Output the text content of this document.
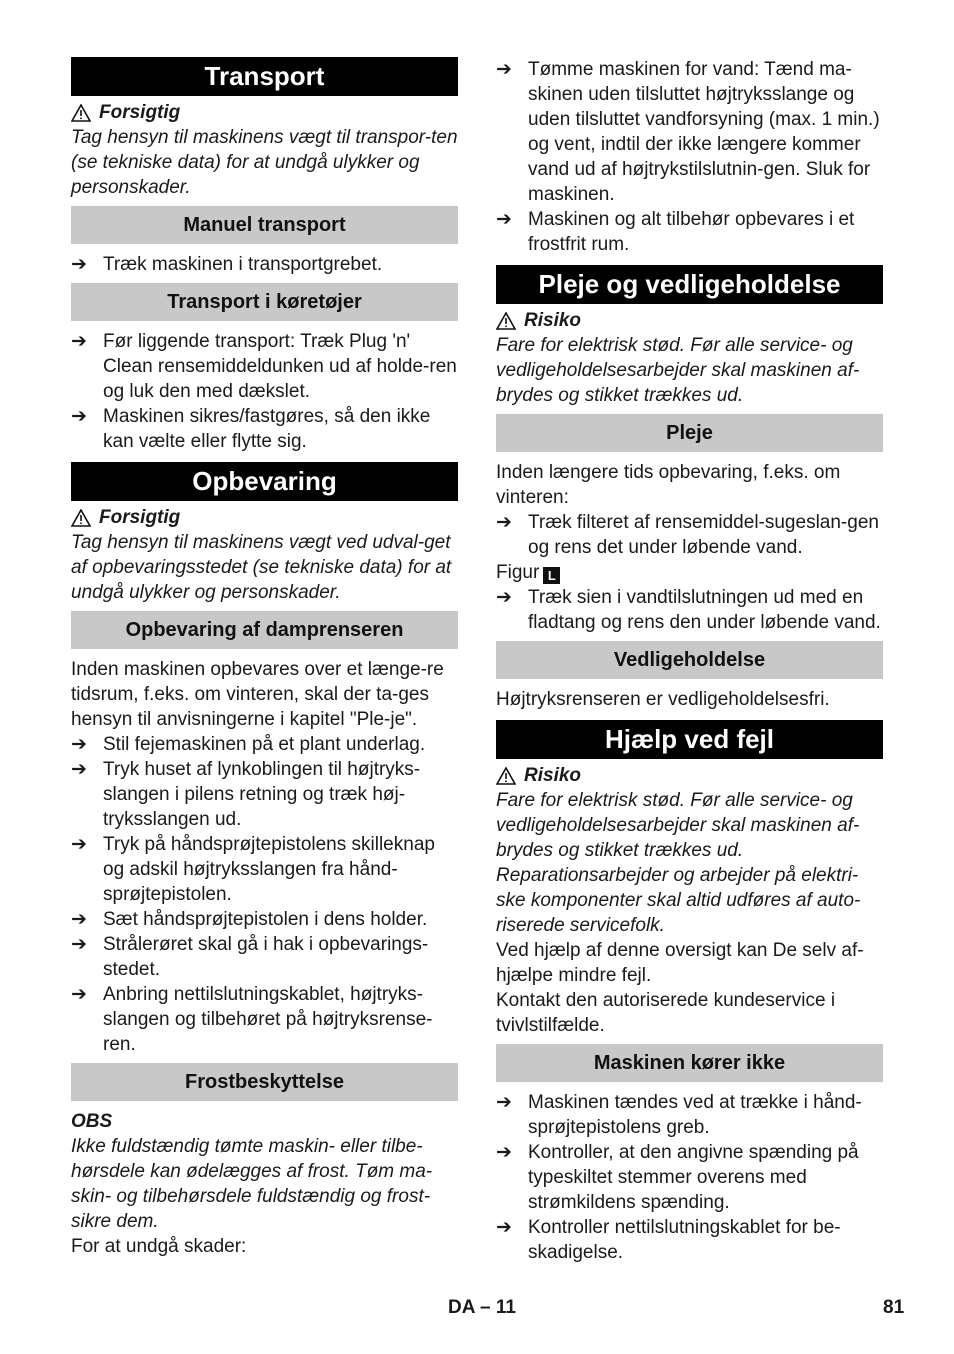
Transport
Forsigtig

Tag hensyn til maskinens vægt til transpor-ten (se tekniske data) for at undgå ulykker og personskader.

Manuel transport
➔ Træk maskinen i transportgrebet.
Transport i køretøjer
➔ Før liggende transport: Træk Plug 'n' Clean rensemiddeldunken ud af holde-ren og luk den med dækslet.
➔ Maskinen sikres/fastgøres, så den ikke kan vælte eller flytte sig.
Opbevaring
Forsigtig

Tag hensyn til maskinens vægt ved udval-get af opbevaringsstedet (se tekniske data) for at undgå ulykker og personskader.

Opbevaring af damprenseren

Inden maskinen opbevares over et længe-re tidsrum, f.eks. om vinteren, skal der ta-ges hensyn til anvisningerne i kapitel "Ple-je".

➔ Stil fejemaskinen på et plant underlag.
➔ Tryk huset af lynkoblingen til højtryks-slangen i pilens retning og træk høj-tryksslangen ud.
➔ Tryk på håndsprøjtepistolens skilleknap og adskil højtryksslangen fra hånd-sprøjtepistolen.
➔ Sæt håndsprøjtepistolen i dens holder.
➔ Strålerøret skal gå i hak i opbevarings-stedet.
➔ Anbring nettilslutningskablet, højtryks-slangen og tilbehøret på højtryksrense-ren.
Frostbeskyttelse

OBS

Ikke fuldstændig tømte maskin- eller tilbe-hørsdele kan ødelægges af frost. Tøm ma-skin- og tilbehørsdele fuldstændig og frost-sikre dem.

For at undgå skader:

➔ Tømme maskinen for vand: Tænd ma-skinen uden tilsluttet højtryksslange og uden tilsluttet vandforsyning (max. 1 min.) og vent, indtil der ikke længere kommer vand ud af højtrykstilslutnin-gen. Sluk for maskinen.
➔ Maskinen og alt tilbehør opbevares i et frostfrit rum.
Pleje og vedligeholdelse
Risiko

Fare for elektrisk stød. Før alle service- og vedligeholdelsesarbejder skal maskinen af-brydes og stikket trækkes ud.

Pleje

Inden længere tids opbevaring, f.eks. om vinteren:

➔ Træk filteret af rensemiddel-sugeslan-gen og rens det under løbende vand.

Figur L

➔ Træk sien i vandtilslutningen ud med en fladtang og rens den under løbende vand.
Vedligeholdelse

Højtryksrenseren er vedligeholdelsesfri.

Hjælp ved fejl
Risiko

Fare for elektrisk stød. Før alle service- og vedligeholdelsesarbejder skal maskinen af-brydes og stikket trækkes ud.

Reparationsarbejder og arbejder på elektri-ske komponenter skal altid udføres af auto-riserede servicefolk.

Ved hjælp af denne oversigt kan De selv af-hjælpe mindre fejl.

Kontakt den autoriserede kundeservice i tvivlstilfælde.

Maskinen kører ikke
➔ Maskinen tændes ved at trække i hånd-sprøjtepistolens greb.
➔ Kontroller, at den angivne spænding på typeskiltet stemmer overens med strømkildens spænding.
➔ Kontroller nettilslutningskablet for be-skadigelse.
DA – 11	81
